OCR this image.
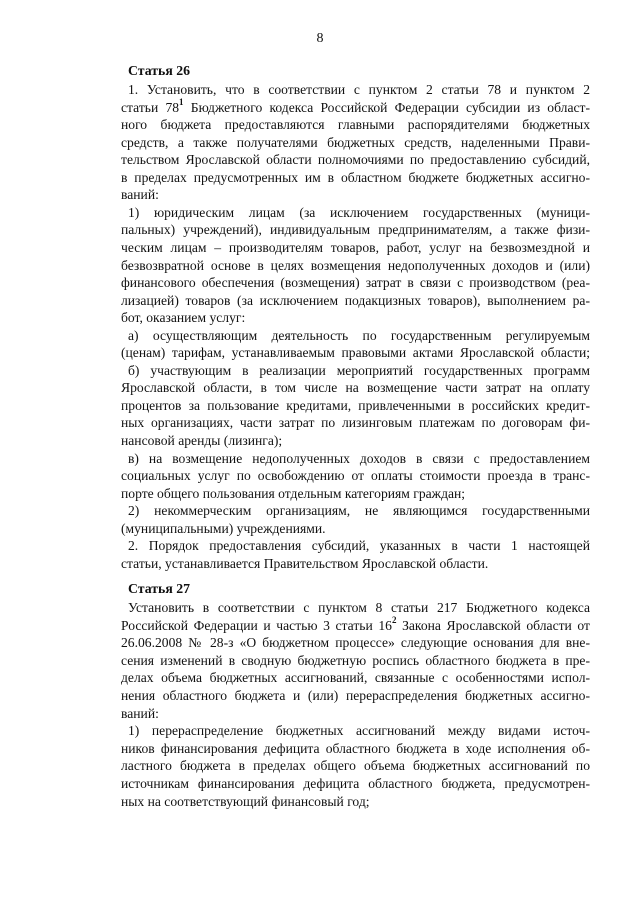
8
Статья 26
1. Установить, что в соответствии с пунктом 2 статьи 78 и пунктом 2
статьи $78^1$ Бюджетного кодекса Российской Федерации субсидии из област-
ного бюджета предоставляются главными распорядителями бюджетных
средств, а также получателями бюджетных средств, наделенными Прави-
тельством Ярославской области полномочиями по предоставлению субсидий,
в пределах предусмотренных им в областном бюджете бюджетных ассигно-
ваний:
1) юридическим лицам (за исключением государственных (муници-
пальных) учреждений), индивидуальным предпринимателям, а также физи-
ческим лицам – производителям товаров, работ, услуг на безвозмездной и
безвозвратной основе в целях возмещения недополученных доходов и (или)
финансового обеспечения (возмещения) затрат в связи с производством (реа-
лизацией) товаров (за исключением подакцизных товаров), выполнением ра-
бот, оказанием услуг:
а) осуществляющим деятельность по государственным регулируемым
(ценам) тарифам, устанавливаемым правовыми актами Ярославской области;
б) участвующим в реализации мероприятий государственных программ
Ярославской области, в том числе на возмещение части затрат на оплату
процентов за пользование кредитами, привлеченными в российских кредит-
ных организациях, части затрат по лизинговым платежам по договорам фи-
нансовой аренды (лизинга);
в) на возмещение недополученных доходов в связи с предоставлением
социальных услуг по освобождению от оплаты стоимости проезда в транс-
порте общего пользования отдельным категориям граждан;
2) некоммерческим организациям, не являющимся государственными
(муниципальными) учреждениями.
2. Порядок предоставления субсидий, указанных в части 1 настоящей
статьи, устанавливается Правительством Ярославской области.
Статья 27
Установить в соответствии с пунктом 8 статьи 217 Бюджетного кодекса
Российской Федерации и частью 3 статьи $16^2$ Закона Ярославской области от
26.06.2008 № 28-з «О бюджетном процессе» следующие основания для вне-
сения изменений в сводную бюджетную роспись областного бюджета в пре-
делах объема бюджетных ассигнований, связанные с особенностями испол-
нения областного бюджета и (или) перераспределения бюджетных ассигно-
ваний:
1) перераспределение бюджетных ассигнований между видами источ-
ников финансирования дефицита областного бюджета в ходе исполнения об-
ластного бюджета в пределах общего объема бюджетных ассигнований по
источникам финансирования дефицита областного бюджета, предусмотрен-
ных на соответствующий финансовый год;
